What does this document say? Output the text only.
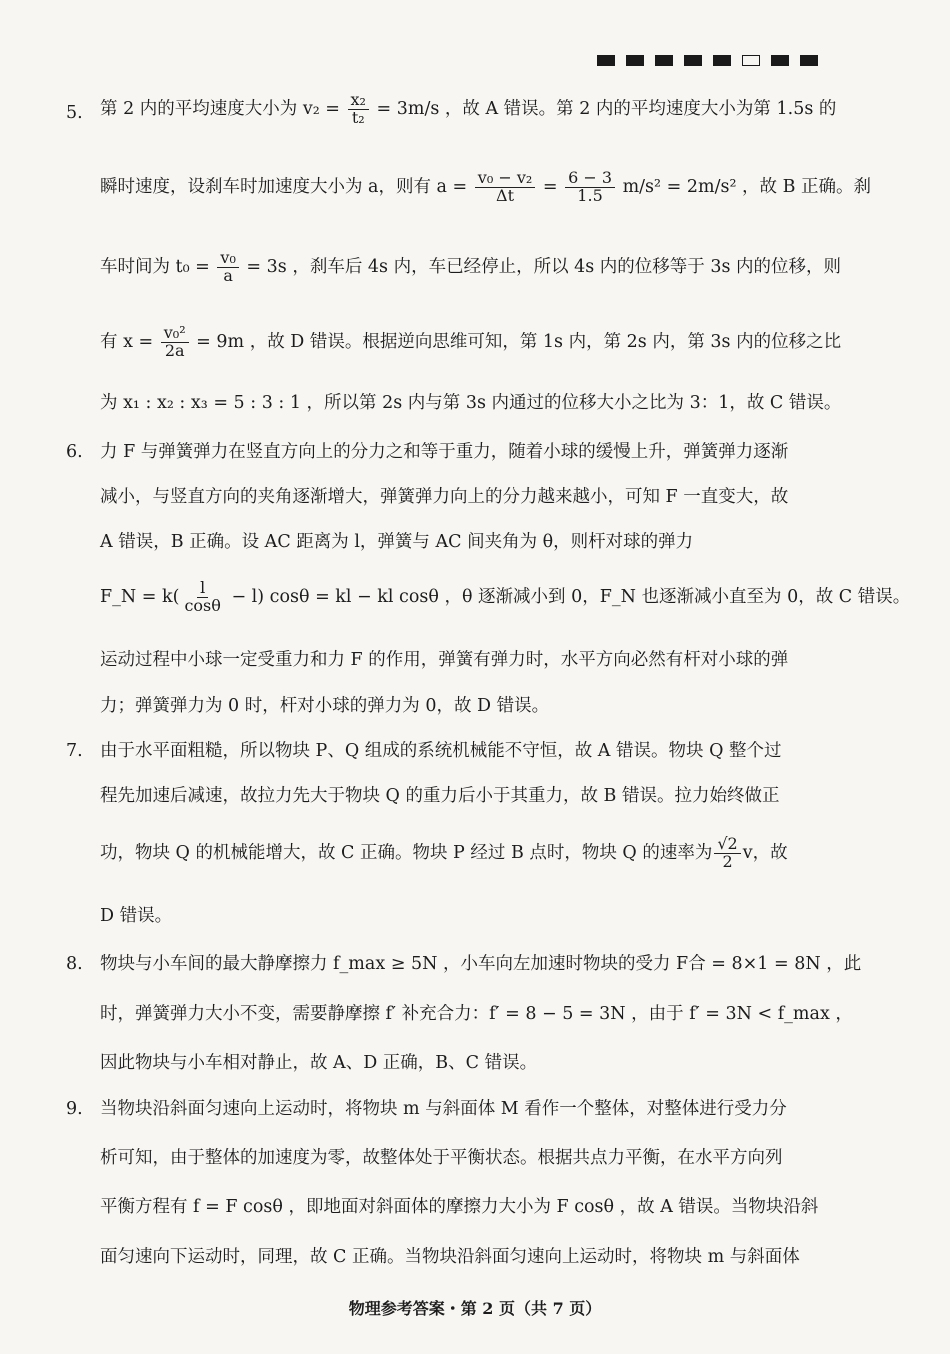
5. 第 2 内的平均速度大小为 $v_2 = \frac{\text{x₂}}{\text{t₂}} = 3m/s$ ，故 A 错误。第 2 内的平均速度大小为第 1.5s 的
瞬时速度，设刹车时加速度大小为 a，则有 $a = \frac{\text{v₀ − v₂}}{\Delta t} = \frac{6 - 3}{1.5} m/s^2 = 2m/s^2$ ，故 B 正确。刹
车时间为 $t_0 = \frac{\text{v₀}}{a} = 3s$ ，刹车后 4s 内，车已经停止，所以 4s 内的位移等于 3s 内的位移，则
有 $x = \frac{\text{v₀²}}{2a} = 9m$ ，故 D 错误。根据逆向思维可知，第 1s 内，第 2s 内，第 3s 内的位移之比
为 x₁ : x₂ : x₃ = 5 : 3 : 1 ，所以第 2s 内与第 3s 内通过的位移大小之比为 3：1，故 C 错误。
6. 力 F 与弹簧弹力在竖直方向上的分力之和等于重力，随着小球的缓慢上升，弹簧弹力逐渐
减小，与竖直方向的夹角逐渐增大，弹簧弹力向上的分力越来越小，可知 F 一直变大，故
A 错误，B 正确。设 AC 距离为 l，弹簧与 AC 间夹角为 θ，则杆对球的弹力
F_N = $k( \frac{l}{\cos\theta} - l)$ cosθ = kl − kl cosθ ，θ 逐渐减小到 0，F_N 也逐渐减小直至为 0，故 C 错误。
运动过程中小球一定受重力和力 F 的作用，弹簧有弹力时，水平方向必然有杆对小球的弹
力；弹簧弹力为 0 时，杆对小球的弹力为 0，故 D 错误。
7. 由于水平面粗糙，所以物块 P、Q 组成的系统机械能不守恒，故 A 错误。物块 Q 整个过
程先加速后减速，故拉力先大于物块 Q 的重力后小于其重力，故 B 错误。拉力始终做正
功，物块 Q 的机械能增大，故 C 正确。物块 P 经过 B 点时，物块 Q 的速率为 $\frac{√2}{2}$ v，故
D 错误。
8. 物块与小车间的最大静摩擦力 f_max ≥ 5N ，小车向左加速时物块的受力 F合 = 8×1 = 8N ，此
时，弹簧弹力大小不变，需要静摩擦 f′ 补充合力：f′ = 8 − 5 = 3N ，由于 f′ = 3N < f_max ，
因此物块与小车相对静止，故 A、D 正确，B、C 错误。
9. 当物块沿斜面匀速向上运动时，将物块 m 与斜面体 M 看作一个整体，对整体进行受力分
析可知，由于整体的加速度为零，故整体处于平衡状态。根据共点力平衡，在水平方向列
平衡方程有 f = F cosθ ，即地面对斜面体的摩擦力大小为 F cosθ ，故 A 错误。当物块沿斜
面匀速向下运动时，同理，故 C 正确。当物块沿斜面匀速向上运动时，将物块 m 与斜面体
物理参考答案・第 2 页（共 7 页）
